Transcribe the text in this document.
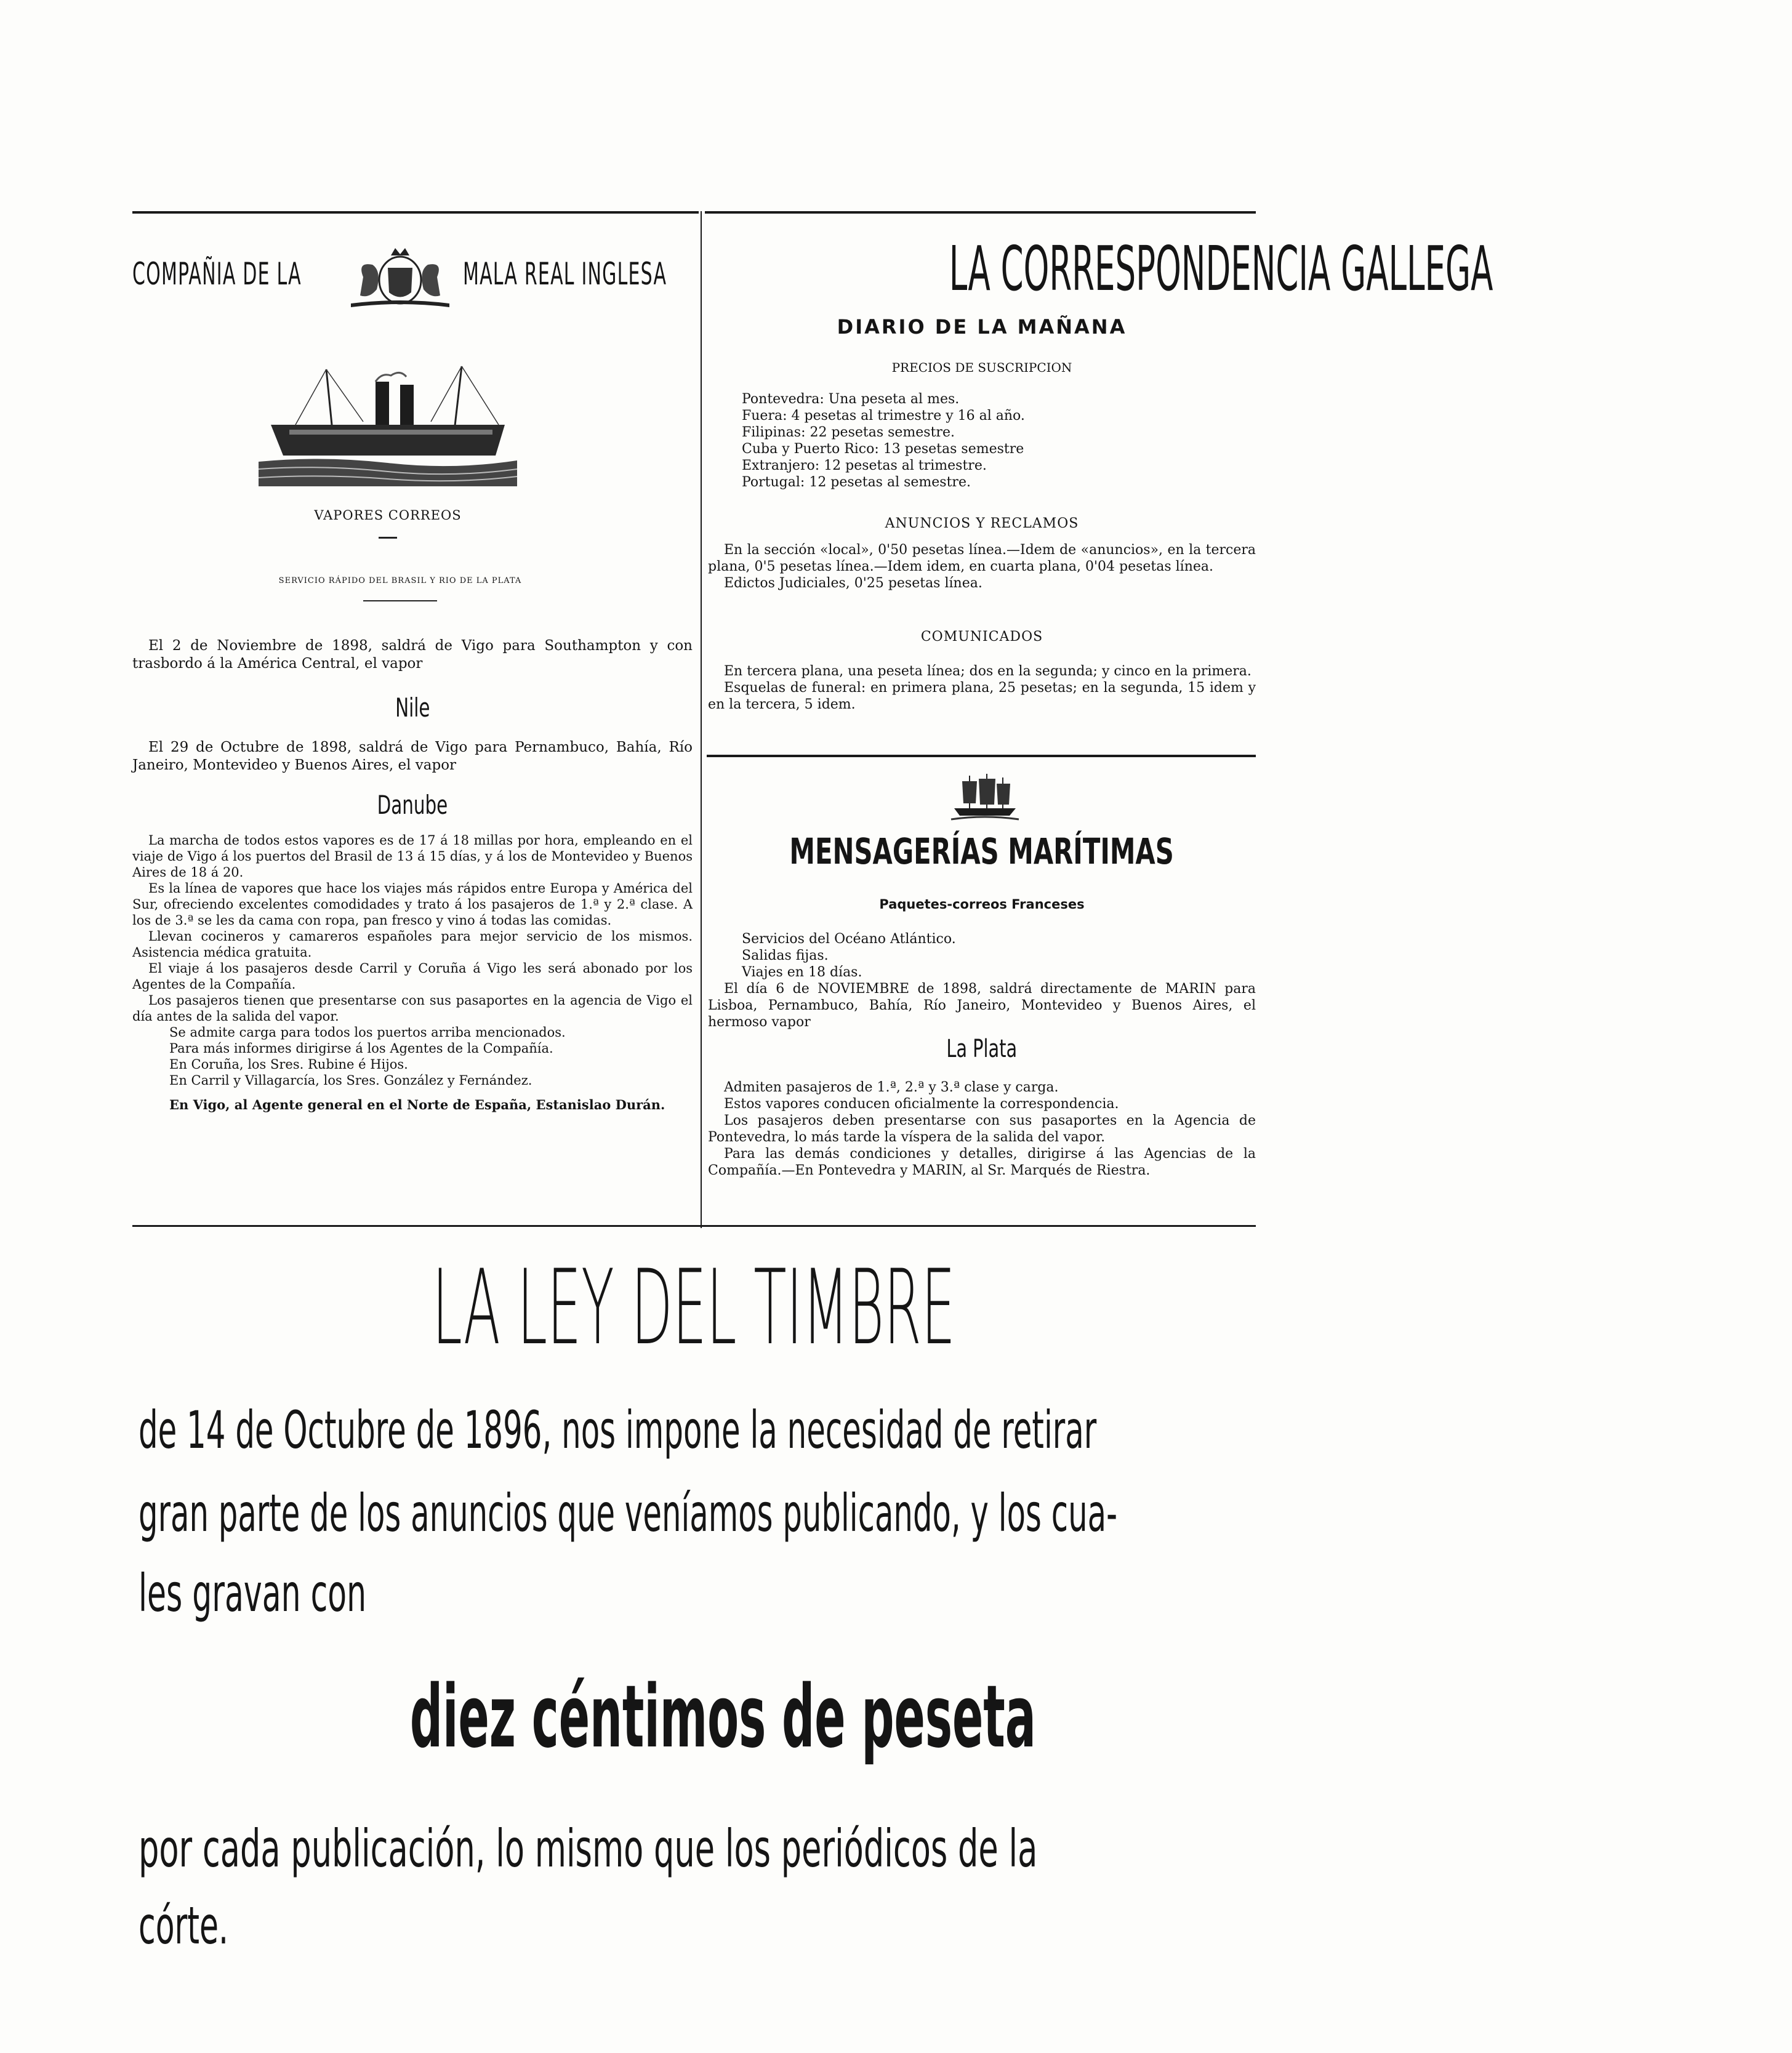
COMPAÑIA DE LA	MALA REAL INGLESA
VAPORES CORREOS
SERVICIO RÁPIDO DEL BRASIL Y RIO DE LA PLATA

El 2 de Noviembre de 1898, saldrá de Vigo para Southampton y con trasbordo á la América Central, el vapor

Nile

El 29 de Octubre de 1898, saldrá de Vigo para Pernambuco, Bahía, Río Janeiro, Montevideo y Buenos Aires, el vapor

Danube

La marcha de todos estos vapores es de 17 á 18 millas por hora, empleando en el viaje de Vigo á los puertos del Brasil de 13 á 15 días, y á los de Montevideo y Buenos Aires de 18 á 20.

Es la línea de vapores que hace los viajes más rápidos entre Europa y América del Sur, ofreciendo excelentes comodidades y trato á los pasajeros de 1.ª y 2.ª clase. A los de 3.ª se les da cama con ropa, pan fresco y vino á todas las comidas.

Llevan cocineros y camareros españoles para mejor servicio de los mismos. Asistencia médica gratuita.

El viaje á los pasajeros desde Carril y Coruña á Vigo les será abonado por los Agentes de la Compañía.

Los pasajeros tienen que presentarse con sus pasaportes en la agencia de Vigo el día antes de la salida del vapor.

Se admite carga para todos los puertos arriba mencionados.

Para más informes dirigirse á los Agentes de la Compañía.

En Coruña, los Sres. Rubine é Hijos.

En Carril y Villagarcía, los Sres. González y Fernández.

En Vigo, al Agente general en el Norte de España, Estanislao Durán.

LA CORRESPONDENCIA GALLEGA
DIARIO DE LA MAÑANA
PRECIOS DE SUSCRIPCION

Pontevedra: Una peseta al mes.

Fuera: 4 pesetas al trimestre y 16 al año.

Filipinas: 22 pesetas semestre.

Cuba y Puerto Rico: 13 pesetas semestre

Extranjero: 12 pesetas al trimestre.

Portugal: 12 pesetas al semestre.

ANUNCIOS Y RECLAMOS

En la sección «local», 0'50 pesetas línea.—Idem de «anuncios», en la tercera plana, 0'5 pesetas línea.—Idem idem, en cuarta plana, 0'04 pesetas línea.

Edictos Judiciales, 0'25 pesetas línea.

COMUNICADOS

En tercera plana, una peseta línea; dos en la segunda; y cinco en la primera.

Esquelas de funeral: en primera plana, 25 pesetas; en la segunda, 15 idem y en la tercera, 5 idem.

MENSAGERÍAS MARÍTIMAS
Paquetes-correos Franceses

Servicios del Océano Atlántico.

Salidas fijas.

Viajes en 18 días.

El día 6 de NOVIEMBRE de 1898, saldrá directamente de MARIN para Lisboa, Pernambuco, Bahía, Río Janeiro, Montevideo y Buenos Aires, el hermoso vapor

La Plata

Admiten pasajeros de 1.ª, 2.ª y 3.ª clase y carga.

Estos vapores conducen oficialmente la correspondencia.

Los pasajeros deben presentarse con sus pasaportes en la Agencia de Pontevedra, lo más tarde la víspera de la salida del vapor.

Para las demás condiciones y detalles, dirigirse á las Agencias de la Compañía.—En Pontevedra y MARIN, al Sr. Marqués de Riestra.

LA LEY DEL TIMBRE
de 14 de Octubre de 1896, nos impone la necesidad de retirar
gran parte de los anuncios que veníamos publicando, y los cua-
les gravan con
diez céntimos de peseta
por cada publicación, lo mismo que los periódicos de la
córte.
